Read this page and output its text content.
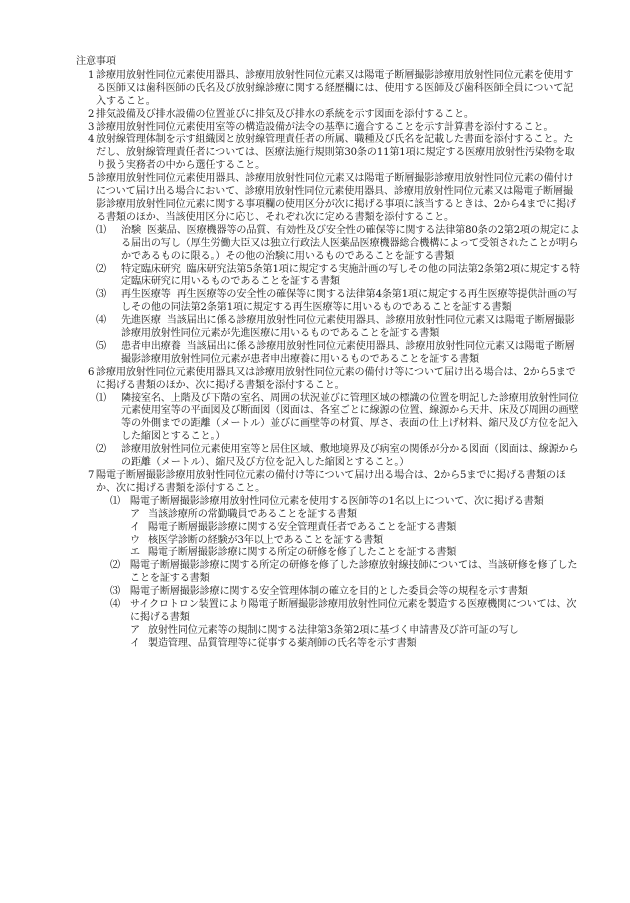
注意事項

1 診療用放射性同位元素使用器具、診療用放射性同位元素又は陽電子断層撮影診療用放射性同位元素を使用する医師又は歯科医師の氏名及び放射線診療に関する経歴欄には、使用する医師及び歯科医師全員について記入すること。

2 排気設備及び排水設備の位置並びに排気及び排水の系統を示す図面を添付すること。

3 診療用放射性同位元素使用室等の構造設備が法令の基準に適合することを示す計算書を添付すること。

4 放射線管理体制を示す組織図と放射線管理責任者の所属、職種及び氏名を記載した書面を添付すること。ただし、放射線管理責任者については、医療法施行規則第30条の11第1項に規定する医療用放射性汚染物を取り扱う実務者の中から選任すること。

5 診療用放射性同位元素使用器具、診療用放射性同位元素又は陽電子断層撮影診療用放射性同位元素の備付けについて届け出る場合において、診療用放射性同位元素使用器具、診療用放射性同位元素又は陽電子断層撮影診療用放射性同位元素に関する事項欄の使用区分が次に掲げる事項に該当するときは、2から4までに掲げる書類のほか、当該使用区分に応じ、それぞれ次に定める書類を添付すること。

⑴ 治験 医薬品、医療機器等の品質、有効性及び安全性の確保等に関する法律第80条の2第2項の規定による届出の写し（厚生労働大臣又は独立行政法人医薬品医療機器総合機構によって受領されたことが明らかであるものに限る。）その他の治験に用いるものであることを証する書類

⑵ 特定臨床研究 臨床研究法第5条第1項に規定する実施計画の写しその他の同法第2条第2項に規定する特定臨床研究に用いるものであることを証する書類

⑶ 再生医療等 再生医療等の安全性の確保等に関する法律第4条第1項に規定する再生医療等提供計画の写しその他の同法第2条第1項に規定する再生医療等に用いるものであることを証する書類

⑷ 先進医療 当該届出に係る診療用放射性同位元素使用器具、診療用放射性同位元素又は陽電子断層撮影診療用放射性同位元素が先進医療に用いるものであることを証する書類

⑸ 患者申出療養 当該届出に係る診療用放射性同位元素使用器具、診療用放射性同位元素又は陽電子断層撮影診療用放射性同位元素が患者申出療養に用いるものであることを証する書類

6 診療用放射性同位元素使用器具又は診療用放射性同位元素の備付け等について届け出る場合は、2から5までに掲げる書類のほか、次に掲げる書類を添付すること。

⑴ 隣接室名、上階及び下階の室名、周囲の状況並びに管理区域の標識の位置を明記した診療用放射性同位元素使用室等の平面図及び断面図（図面は、各室ごとに線源の位置、線源から天井、床及び周囲の画壁等の外側までの距離（メートル）並びに画壁等の材質、厚さ、表面の仕上げ材料、縮尺及び方位を記入した縮図とすること。）

⑵ 診療用放射性同位元素使用室等と居住区域、敷地境界及び病室の関係が分かる図面（図面は、線源からの距離（メートル）、縮尺及び方位を記入した縮図とすること。）

7 陽電子断層撮影診療用放射性同位元素の備付け等について届け出る場合は、2から5までに掲げる書類のほか、次に掲げる書類を添付すること。

⑴ 陽電子断層撮影診療用放射性同位元素を使用する医師等の1名以上について、次に掲げる書類

ア 当該診療所の常勤職員であることを証する書類

イ 陽電子断層撮影診療に関する安全管理責任者であることを証する書類

ウ 核医学診断の経験が3年以上であることを証する書類

エ 陽電子断層撮影診療に関する所定の研修を修了したことを証する書類

⑵ 陽電子断層撮影診療に関する所定の研修を修了した診療放射線技師については、当該研修を修了したことを証する書類

⑶ 陽電子断層撮影診療に関する安全管理体制の確立を目的とした委員会等の規程を示す書類

⑷ サイクロトロン装置により陽電子断層撮影診療用放射性同位元素を製造する医療機関については、次に掲げる書類

ア 放射性同位元素等の規制に関する法律第3条第2項に基づく申請書及び許可証の写し

イ 製造管理、品質管理等に従事する薬剤師の氏名等を示す書類
